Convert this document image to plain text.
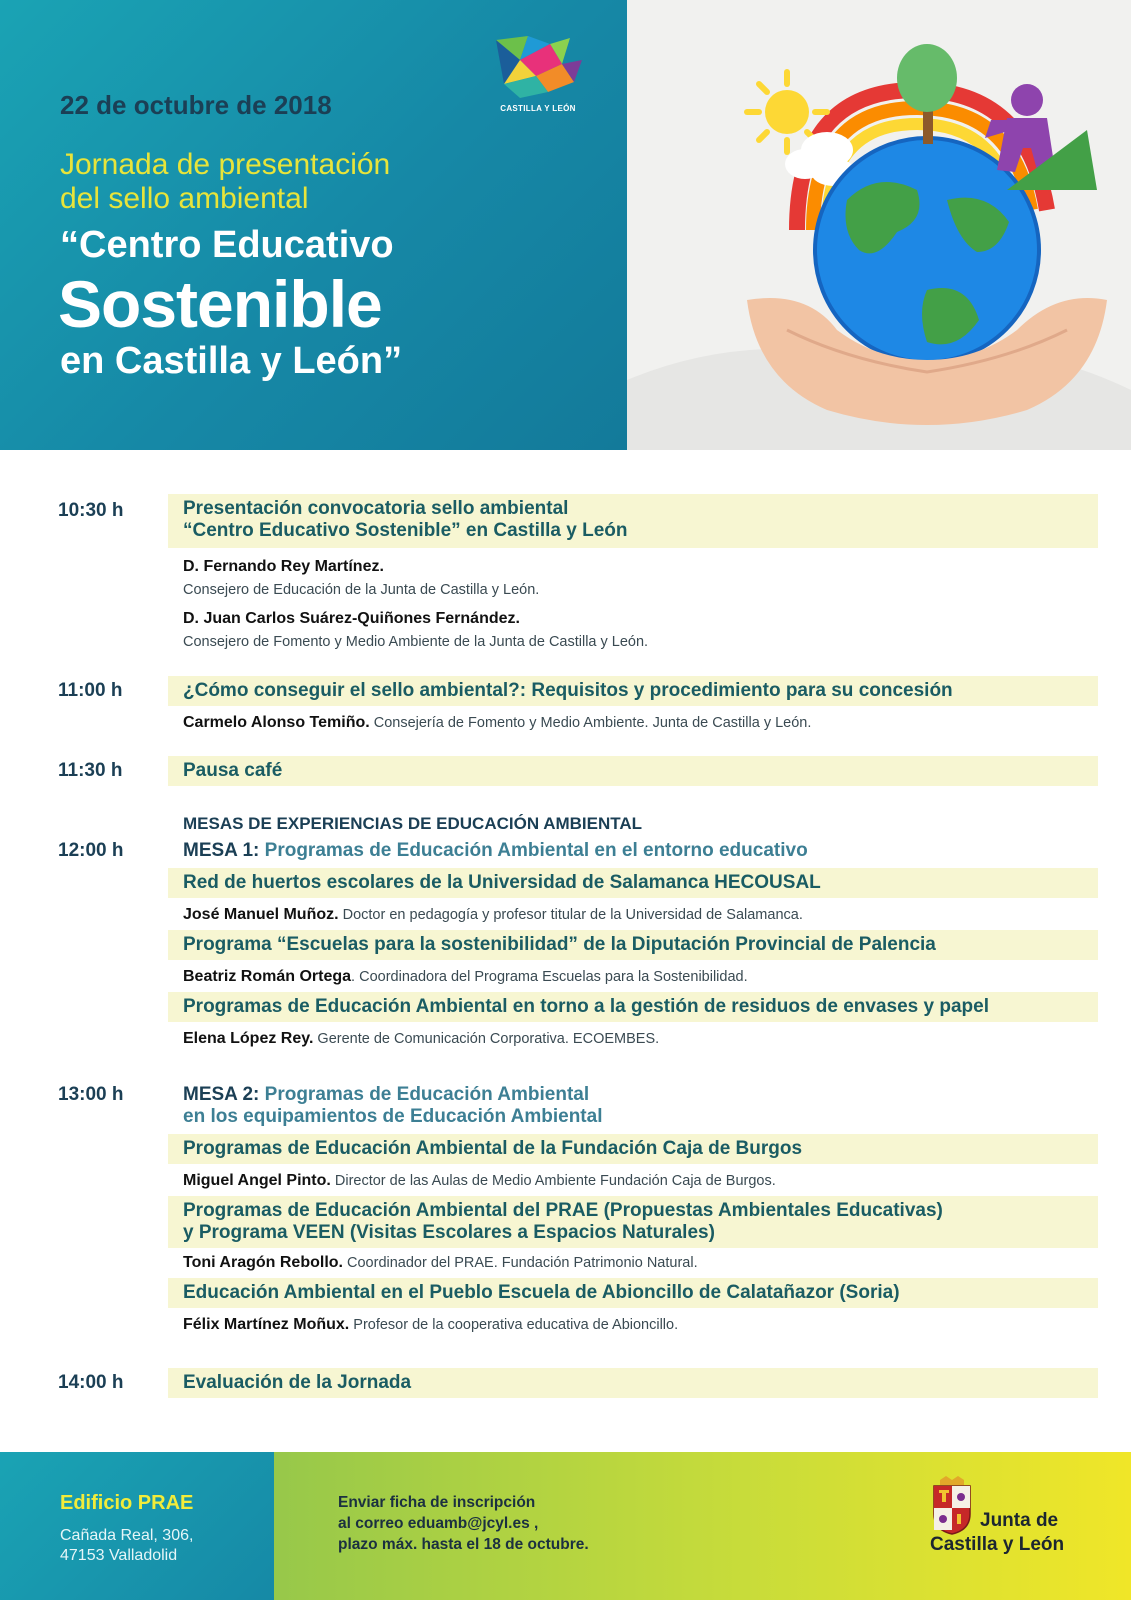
CASTILLA Y LEÓN
22 de octubre de 2018
Jornada de presentación
del sello ambiental
“Centro Educativo
Sostenible
en Castilla y León”
10:30 h	Presentación convocatoria sello ambiental
“Centro Educativo Sostenible” en Castilla y León
D. Fernando Rey Martínez.
Consejero de Educación de la Junta de Castilla y León.
D. Juan Carlos Suárez-Quiñones Fernández.
Consejero de Fomento y Medio Ambiente de la Junta de Castilla y León.
11:00 h	¿Cómo conseguir el sello ambiental?: Requisitos y procedimiento para su concesión
Carmelo Alonso Temiño. Consejería de Fomento y Medio Ambiente. Junta de Castilla y León.
11:30 h	Pausa café
MESAS DE EXPERIENCIAS DE EDUCACIÓN AMBIENTAL
12:00 h	MESA 1: Programas de Educación Ambiental en el entorno educativo
Red de huertos escolares de la Universidad de Salamanca HECOUSAL
José Manuel Muñoz. Doctor en pedagogía y profesor titular de la Universidad de Salamanca.
Programa “Escuelas para la sostenibilidad” de la Diputación Provincial de Palencia
Beatriz Román Ortega. Coordinadora del Programa Escuelas para la Sostenibilidad.
Programas de Educación Ambiental en torno a la gestión de residuos de envases y papel
Elena López Rey. Gerente de Comunicación Corporativa. ECOEMBES.
13:00 h	MESA 2: Programas de Educación Ambiental
en los equipamientos de Educación Ambiental
Programas de Educación Ambiental de la Fundación Caja de Burgos
Miguel Angel Pinto. Director de las Aulas de Medio Ambiente Fundación Caja de Burgos.
Programas de Educación Ambiental del PRAE (Propuestas Ambientales Educativas)
y Programa VEEN (Visitas Escolares a Espacios Naturales)
Toni Aragón Rebollo. Coordinador del PRAE. Fundación Patrimonio Natural.
Educación Ambiental en el Pueblo Escuela de Abioncillo de Calatañazor (Soria)
Félix Martínez Moñux. Profesor de la cooperativa educativa de Abioncillo.
14:00 h	Evaluación de la Jornada
Edificio PRAE
Cañada Real, 306,
47153 Valladolid
Enviar ficha de inscripción
al correo eduamb@jcyl.es ,
plazo máx. hasta el 18 de octubre.
Junta de
Castilla y León
